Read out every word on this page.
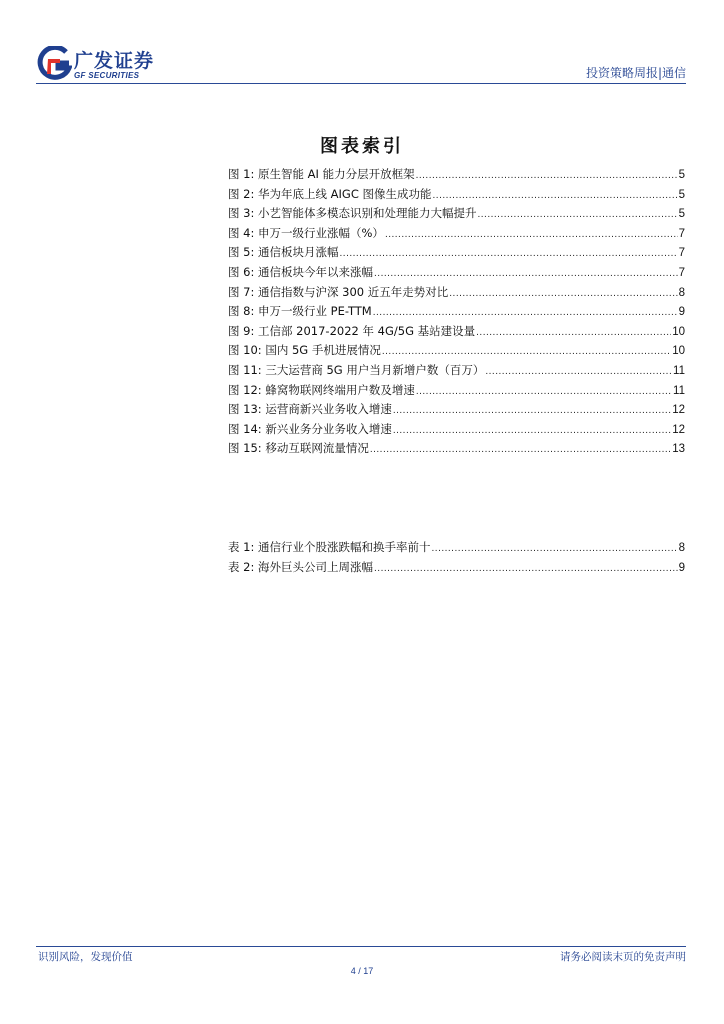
广发证券
GF SECURITIES	投资策略周报|通信
图表索引
图 1: 原生智能 AI 能力分层开放框架 .....	5
图 2: 华为年底上线 AIGC 图像生成功能 .....	5
图 3: 小艺智能体多模态识别和处理能力大幅提升 .....	5
图 4: 申万一级行业涨幅（%） .....	7
图 5: 通信板块月涨幅 .....	7
图 6: 通信板块今年以来涨幅 .....	7
图 7: 通信指数与沪深 300 近五年走势对比 .....	8
图 8: 申万一级行业 PE-TTM .....	9
图 9: 工信部 2017-2022 年 4G/5G 基站建设量 .....	10
图 10: 国内 5G 手机进展情况 .....	10
图 11: 三大运营商 5G 用户当月新增户数（百万） .....	11
图 12: 蜂窝物联网终端用户数及增速 .....	11
图 13: 运营商新兴业务收入增速 .....	12
图 14: 新兴业务分业务收入增速 .....	12
图 15: 移动互联网流量情况 .....	13
表 1: 通信行业个股涨跌幅和换手率前十 .....	8
表 2: 海外巨头公司上周涨幅 .....	9
识别风险，发现价值	请务必阅读末页的免责声明
4 / 17
